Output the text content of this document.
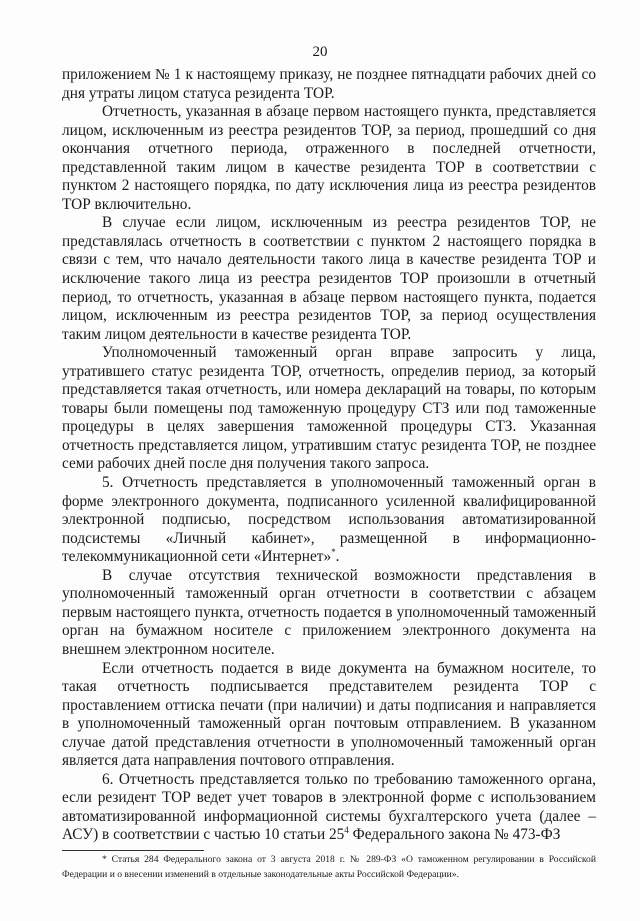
20

приложением № 1 к настоящему приказу, не позднее пятнадцати рабочих дней со дня утраты лицом статуса резидента ТОР.

Отчетность, указанная в абзаце первом настоящего пункта, представляется лицом, исключенным из реестра резидентов ТОР, за период, прошедший со дня окончания отчетного периода, отраженного в последней отчетности, представленной таким лицом в качестве резидента ТОР в соответствии с пунктом 2 настоящего порядка, по дату исключения лица из реестра резидентов ТОР включительно.

В случае если лицом, исключенным из реестра резидентов ТОР, не представлялась отчетность в соответствии с пунктом 2 настоящего порядка в связи с тем, что начало деятельности такого лица в качестве резидента ТОР и исключение такого лица из реестра резидентов ТОР произошли в отчетный период, то отчетность, указанная в абзаце первом настоящего пункта, подается лицом, исключенным из реестра резидентов ТОР, за период осуществления таким лицом деятельности в качестве резидента ТОР.

Уполномоченный таможенный орган вправе запросить у лица, утратившего статус резидента ТОР, отчетность, определив период, за который представляется такая отчетность, или номера деклараций на товары, по которым товары были помещены под таможенную процедуру СТЗ или под таможенные процедуры в целях завершения таможенной процедуры СТЗ. Указанная отчетность представляется лицом, утратившим статус резидента ТОР, не позднее семи рабочих дней после дня получения такого запроса.

5. Отчетность представляется в уполномоченный таможенный орган в форме электронного документа, подписанного усиленной квалифицированной электронной подписью, посредством использования автоматизированной подсистемы «Личный кабинет», размещенной в информационно-телекоммуникационной сети «Интернет»*.

В случае отсутствия технической возможности представления в уполномоченный таможенный орган отчетности в соответствии с абзацем первым настоящего пункта, отчетность подается в уполномоченный таможенный орган на бумажном носителе с приложением электронного документа на внешнем электронном носителе.

Если отчетность подается в виде документа на бумажном носителе, то такая отчетность подписывается представителем резидента ТОР с проставлением оттиска печати (при наличии) и даты подписания и направляется в уполномоченный таможенный орган почтовым отправлением. В указанном случае датой представления отчетности в уполномоченный таможенный орган является дата направления почтового отправления.

6. Отчетность представляется только по требованию таможенного органа, если резидент ТОР ведет учет товаров в электронной форме с использованием автоматизированной информационной системы бухгалтерского учета (далее – АСУ) в соответствии с частью 10 статьи 25$^4$ Федерального закона № 473-ФЗ

* Статья 284 Федерального закона от 3 августа 2018 г. № 289-ФЗ «О таможенном регулировании в Российской Федерации и о внесении изменений в отдельные законодательные акты Российской Федерации».
